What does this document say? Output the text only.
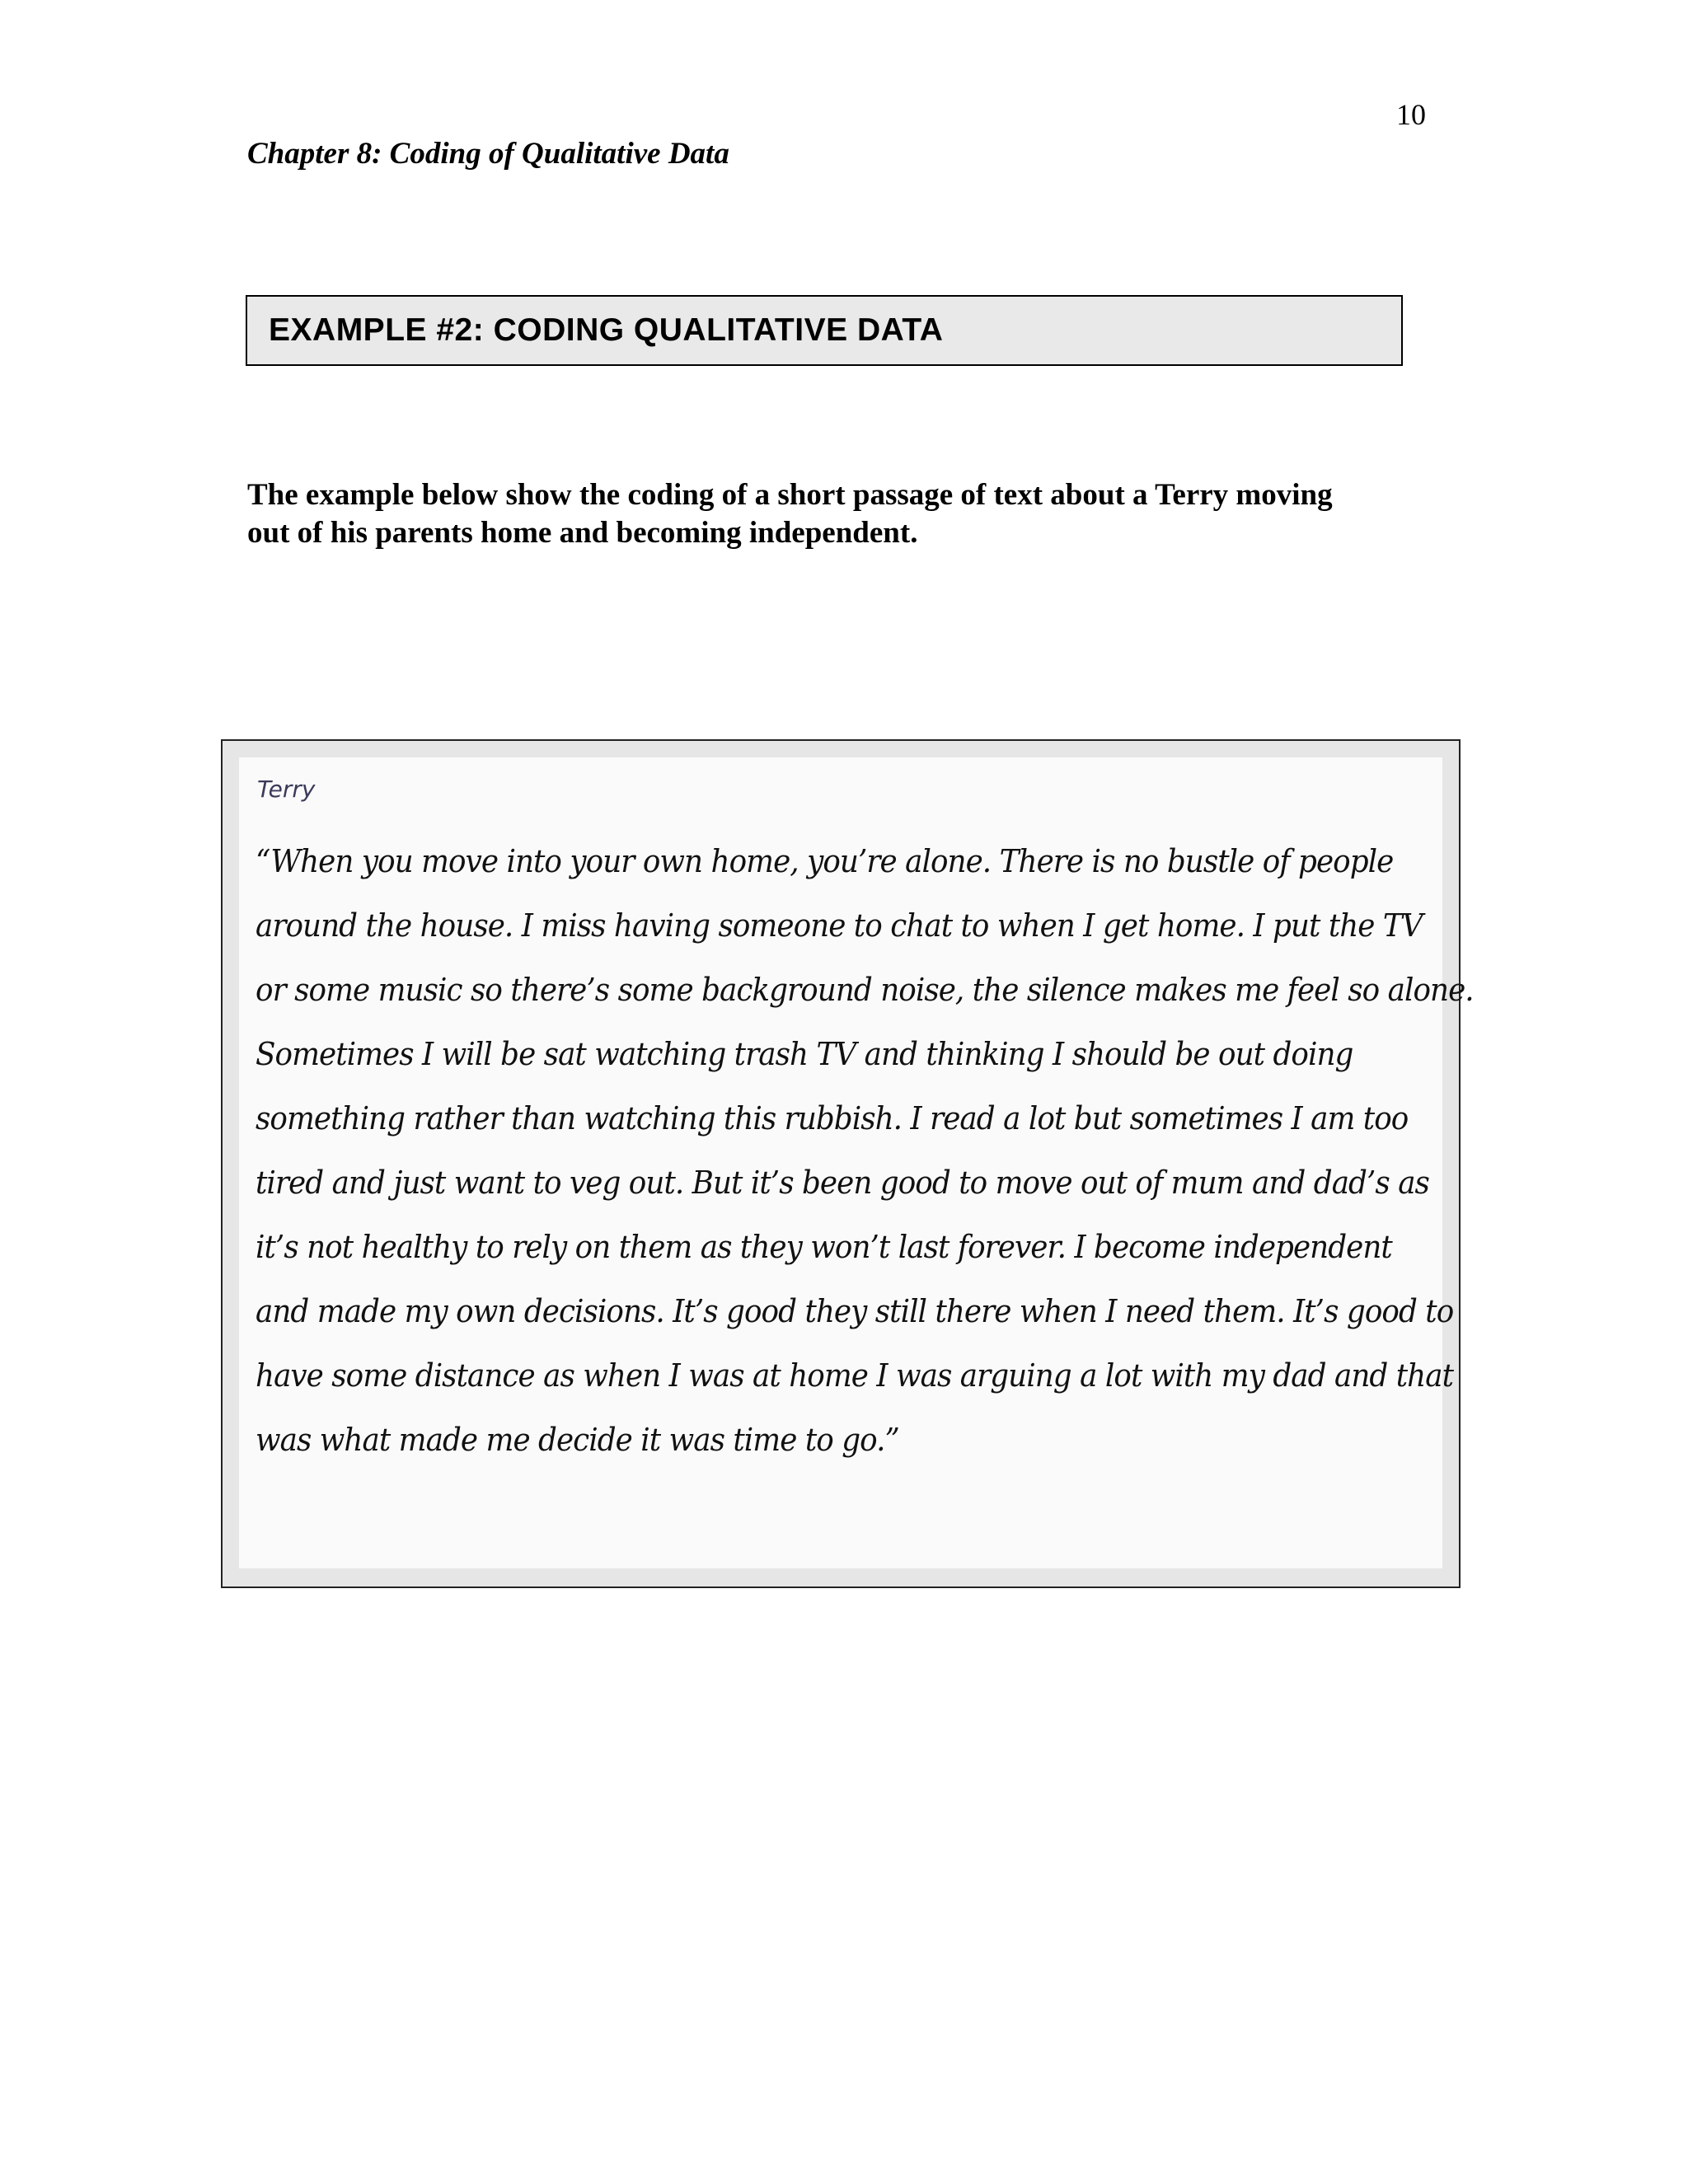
10
Chapter 8: Coding of Qualitative Data
EXAMPLE #2: CODING QUALITATIVE DATA
The example below show the coding of a short passage of text about a Terry moving
out of his parents home and becoming independent.
Terry
“When you move into your own home, you’re alone. There is no bustle of people
around the house. I miss having someone to chat to when I get home. I put the TV
or some music so there’s some background noise, the silence makes me feel so alone.
Sometimes I will be sat watching trash TV and thinking I should be out doing
something rather than watching this rubbish. I read a lot but sometimes I am too
tired and just want to veg out. But it’s been good to move out of mum and dad’s as
it’s not healthy to rely on them as they won’t last forever. I become independent
and made my own decisions. It’s good they still there when I need them. It’s good to
have some distance as when I was at home I was arguing a lot with my dad and that
was what made me decide it was time to go.”
